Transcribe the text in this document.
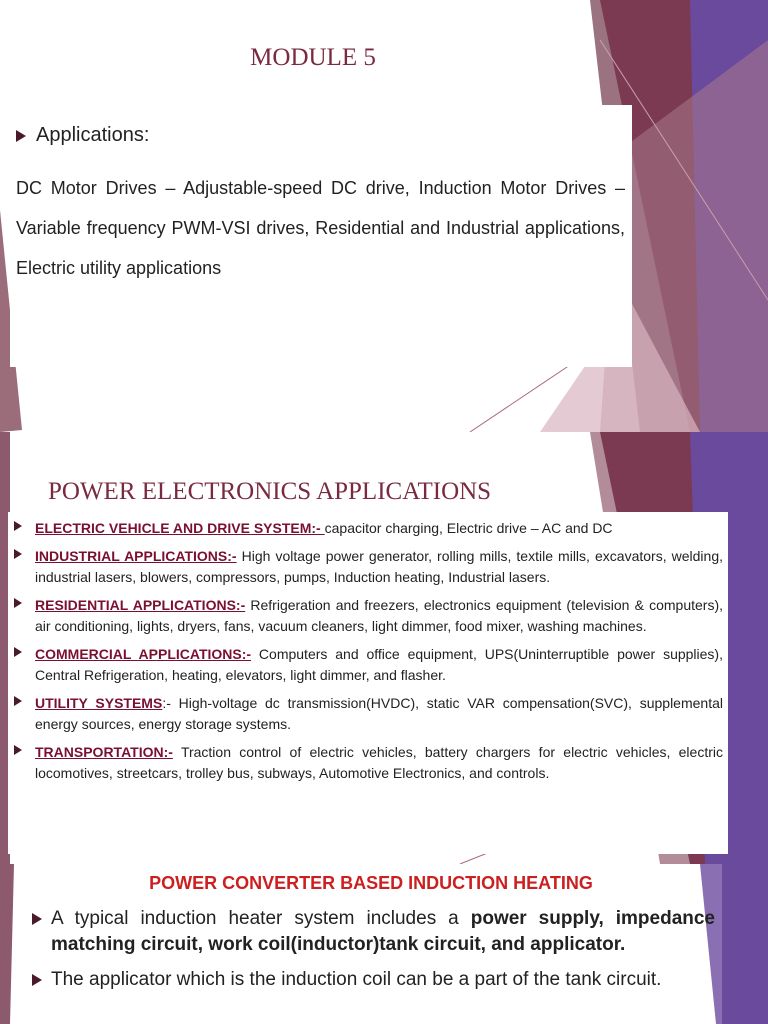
MODULE 5
Applications:

DC Motor Drives – Adjustable-speed DC drive, Induction Motor Drives – Variable frequency PWM-VSI drives, Residential and Industrial applications, Electric utility applications

POWER ELECTRONICS APPLICATIONS
ELECTRIC VEHICLE AND DRIVE SYSTEM:- capacitor charging, Electric drive – AC and DC
INDUSTRIAL APPLICATIONS:- High voltage power generator, rolling mills, textile mills, excavators, welding, industrial lasers, blowers, compressors, pumps, Induction heating, Industrial lasers.
RESIDENTIAL APPLICATIONS:- Refrigeration and freezers, electronics equipment (television & computers), air conditioning, lights, dryers, fans, vacuum cleaners, light dimmer, food mixer, washing machines.
COMMERCIAL APPLICATIONS:- Computers and office equipment, UPS(Uninterruptible power supplies), Central Refrigeration, heating, elevators, light dimmer, and flasher.
UTILITY SYSTEMS:- High-voltage dc transmission(HVDC), static VAR compensation(SVC), supplemental energy sources, energy storage systems.
TRANSPORTATION:- Traction control of electric vehicles, battery chargers for electric vehicles, electric locomotives, streetcars, trolley bus, subways, Automotive Electronics, and controls.
POWER CONVERTER BASED INDUCTION HEATING
A typical induction heater system includes a power supply, impedance matching circuit, work coil(inductor)tank circuit, and applicator.
The applicator which is the induction coil can be a part of the tank circuit.
